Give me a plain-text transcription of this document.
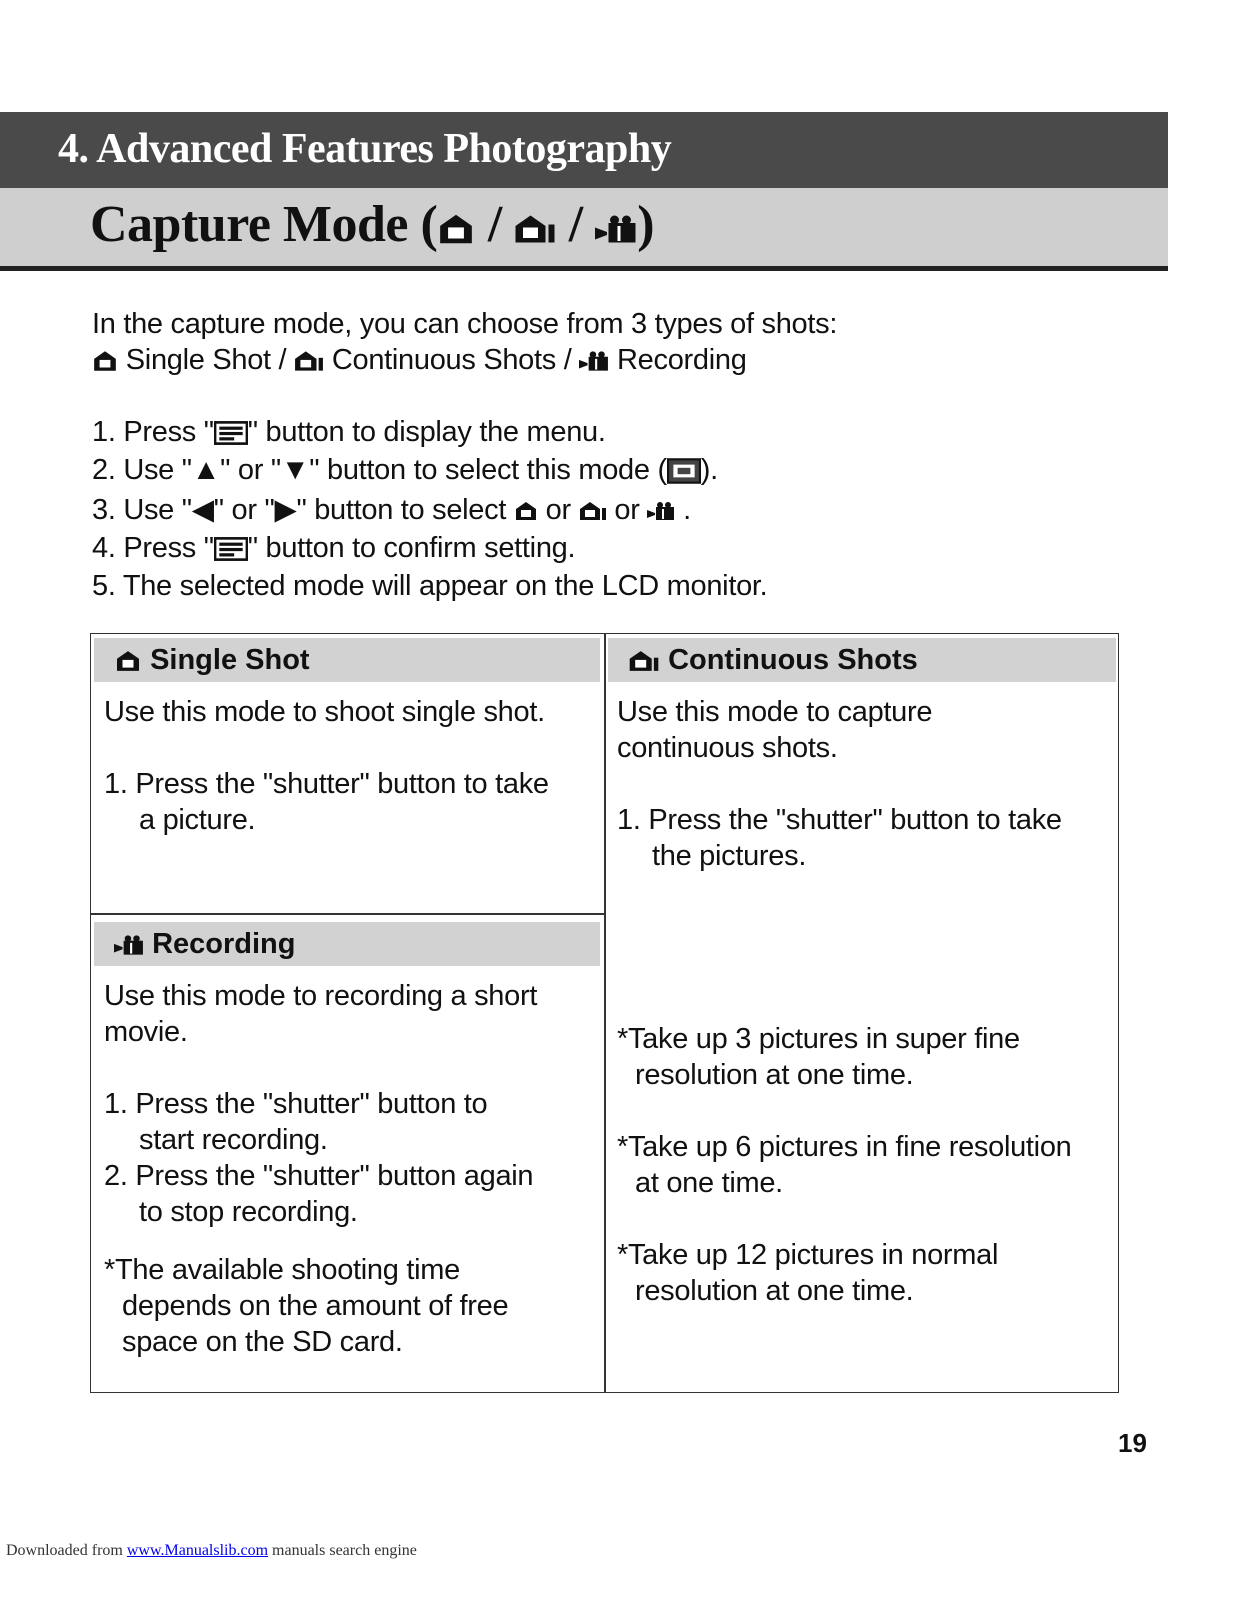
4. Advanced Features Photography
Capture Mode ( / / )

In the capture mode, you can choose from 3 types of shots:

Single Shot / Continuous Shots / Recording

1. Press " " button to display the menu.
2. Use "▲" or "▼" button to select this mode ( ).
3. Use "◀" or "▶" button to select or or .
4. Press " " button to confirm setting.
5. The selected mode will appear on the LCD monitor.
Single Shot

Use this mode to shoot single shot.

1. Press the "shutter" button to take a picture.

Continuous Shots

Use this mode to capture continuous shots.

1. Press the "shutter" button to take the pictures.

*Take up 3 pictures in super fine resolution at one time.

*Take up 6 pictures in fine resolution at one time.

*Take up 12 pictures in normal resolution at one time.

Recording

Use this mode to recording a short movie.

1. Press the "shutter" button to start recording.

2. Press the "shutter" button again to stop recording.

*The available shooting time depends on the amount of free space on the SD card.

19
Downloaded from www.Manualslib.com manuals search engine
